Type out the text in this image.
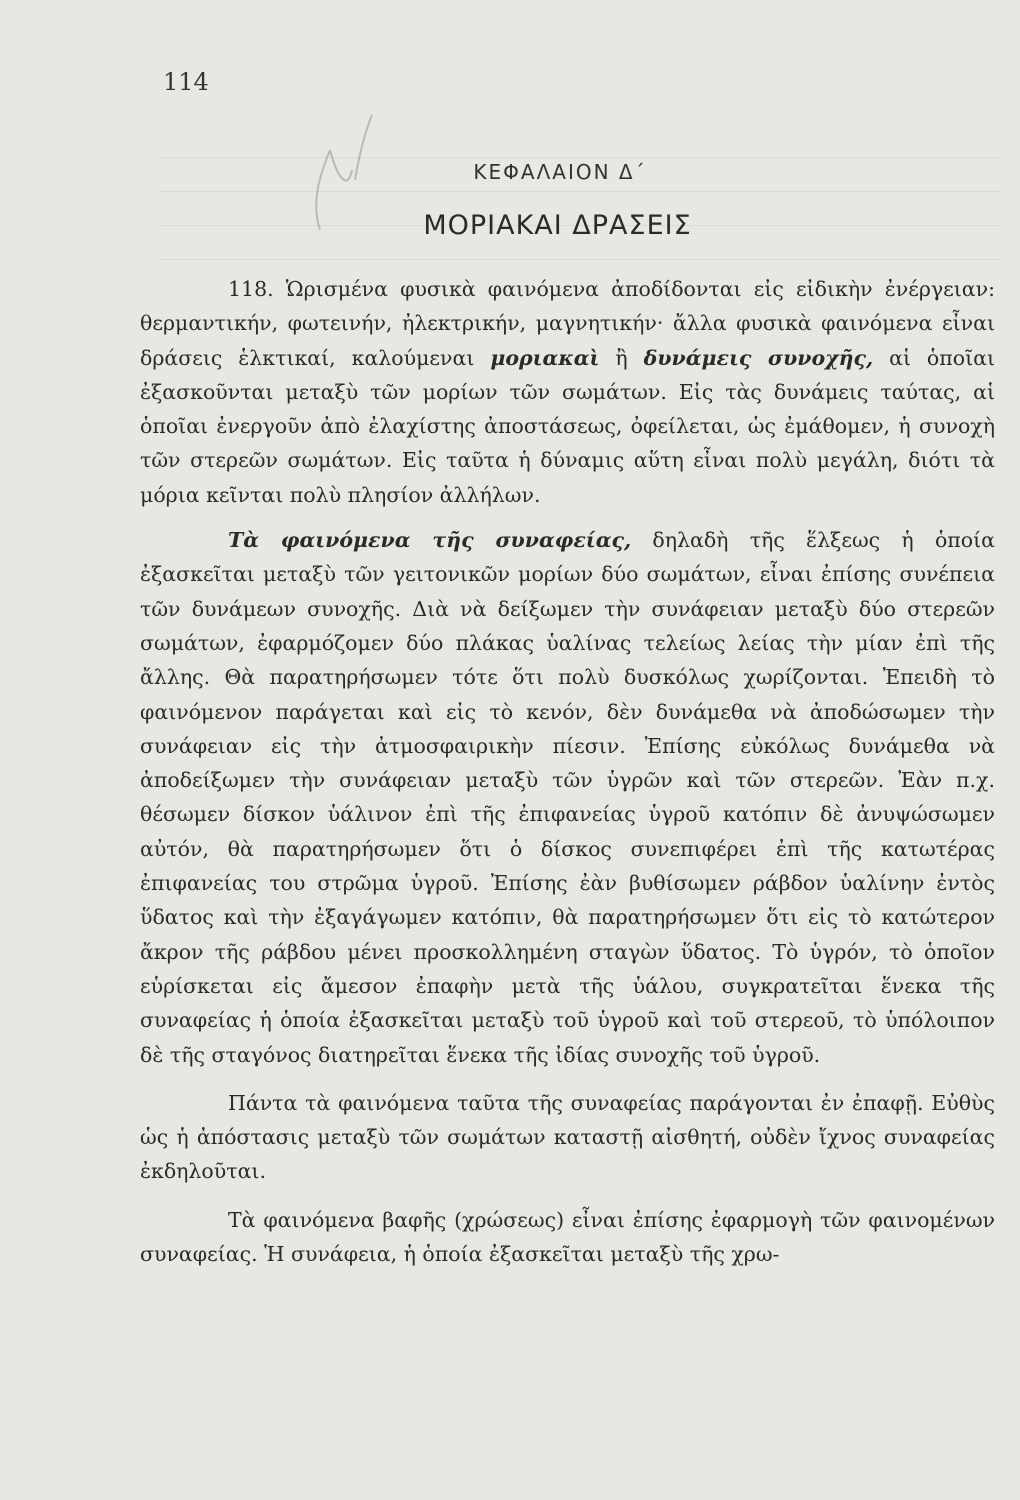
114
ΚΕΦΑΛΑΙΟΝ Δ΄
ΜΟΡΙΑΚΑΙ ΔΡΑΣΕΙΣ

118. Ὡρισμένα φυσικὰ φαινόμενα ἀποδίδονται εἰς εἰδικὴν ἐνέργειαν: θερμαντικήν, φωτεινήν, ἠλεκτρικήν, μαγνητικήν· ἄλλα φυσικὰ φαινόμενα εἶναι δράσεις ἑλκτικαί, καλούμεναι μοριακαὶ ἢ δυνάμεις συνοχῆς, αἱ ὁποῖαι ἐξασκοῦνται μεταξὺ τῶν μορίων τῶν σωμάτων. Εἰς τὰς δυνάμεις ταύτας, αἱ ὁποῖαι ἐνεργοῦν ἀπὸ ἐλαχίστης ἀποστάσεως, ὀφείλεται, ὡς ἐμάθομεν, ἡ συνοχὴ τῶν στερεῶν σωμάτων. Εἰς ταῦτα ἡ δύναμις αὕτη εἶναι πολὺ μεγάλη, διότι τὰ μόρια κεῖνται πολὺ πλησίον ἀλλήλων.

Τὰ φαινόμενα τῆς συναφείας, δηλαδὴ τῆς ἕλξεως ἡ ὁποία ἐξασκεῖται μεταξὺ τῶν γειτονικῶν μορίων δύο σωμάτων, εἶναι ἐπίσης συνέπεια τῶν δυνάμεων συνοχῆς. Διὰ νὰ δείξωμεν τὴν συνάφειαν μεταξὺ δύο στερεῶν σωμάτων, ἐφαρμόζομεν δύο πλάκας ὑαλίνας τελείως λείας τὴν μίαν ἐπὶ τῆς ἄλλης. Θὰ παρατηρήσωμεν τότε ὅτι πολὺ δυσκόλως χωρίζονται. Ἐπειδὴ τὸ φαινόμενον παράγεται καὶ εἰς τὸ κενόν, δὲν δυνάμεθα νὰ ἀποδώσωμεν τὴν συνάφειαν εἰς τὴν ἀτμοσφαιρικὴν πίεσιν. Ἐπίσης εὐκόλως δυνάμεθα νὰ ἀποδείξωμεν τὴν συνάφειαν μεταξὺ τῶν ὑγρῶν καὶ τῶν στερεῶν. Ἐὰν π.χ. θέσωμεν δίσκον ὑάλινον ἐπὶ τῆς ἐπιφανείας ὑγροῦ κατόπιν δὲ ἀνυψώσωμεν αὐτόν, θὰ παρατηρήσωμεν ὅτι ὁ δίσκος συνεπιφέρει ἐπὶ τῆς κατωτέρας ἐπιφανείας του στρῶμα ὑγροῦ. Ἐπίσης ἐὰν βυθίσωμεν ράβδον ὑαλίνην ἐντὸς ὕδατος καὶ τὴν ἐξαγάγωμεν κατόπιν, θὰ παρατηρήσωμεν ὅτι εἰς τὸ κατώτερον ἄκρον τῆς ράβδου μένει προσκολλημένη σταγὼν ὕδατος. Τὸ ὑγρόν, τὸ ὁποῖον εὑρίσκεται εἰς ἄμεσον ἐπαφὴν μετὰ τῆς ὑάλου, συγκρατεῖται ἕνεκα τῆς συναφείας ἡ ὁποία ἐξασκεῖται μεταξὺ τοῦ ὑγροῦ καὶ τοῦ στερεοῦ, τὸ ὑπόλοιπον δὲ τῆς σταγόνος διατηρεῖται ἕνεκα τῆς ἰδίας συνοχῆς τοῦ ὑγροῦ.

Πάντα τὰ φαινόμενα ταῦτα τῆς συναφείας παράγονται ἐν ἐπαφῇ. Εὐθὺς ὡς ἡ ἀπόστασις μεταξὺ τῶν σωμάτων καταστῇ αἰσθητή, οὐδὲν ἴχνος συναφείας ἐκδηλοῦται.

Τὰ φαινόμενα βαφῆς (χρώσεως) εἶναι ἐπίσης ἐφαρμογὴ τῶν φαινομένων συναφείας. Ἡ συνάφεια, ἡ ὁποία ἐξασκεῖται μεταξὺ τῆς χρω-
